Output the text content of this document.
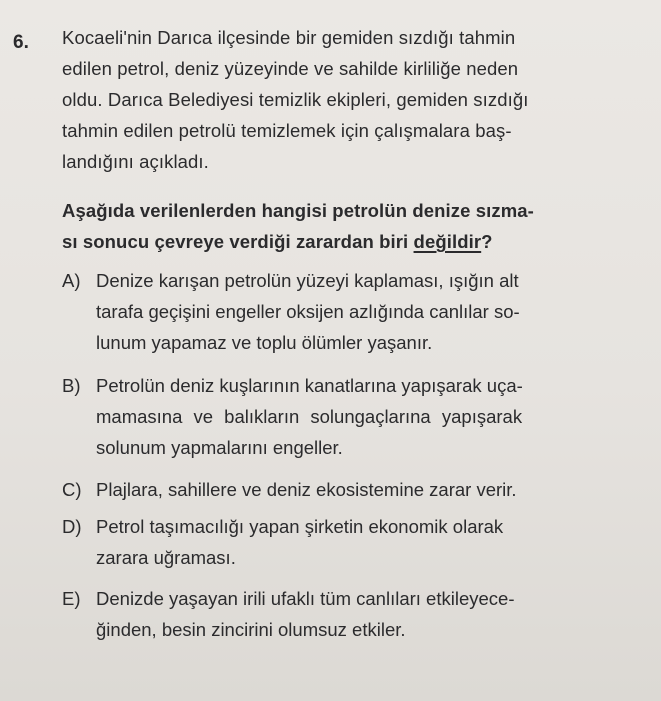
6. Kocaeli'nin Darıca ilçesinde bir gemiden sızdığı tahmin
edilen petrol, deniz yüzeyinde ve sahilde kirliliğe neden
oldu. Darıca Belediyesi temizlik ekipleri, gemiden sızdığı
tahmin edilen petrolü temizlemek için çalışmalara baş-
landığını açıkladı.
Aşağıda verilenlerden hangisi petrolün denize sızma-
sı sonucu çevreye verdiği zarardan biri değildir?
A) Denize karışan petrolün yüzeyi kaplaması, ışığın alt
tarafa geçişini engeller oksijen azlığında canlılar so-
lunum yapamaz ve toplu ölümler yaşanır.
B) Petrolün deniz kuşlarının kanatlarına yapışarak uça-
mamasına ve balıkların solungaçlarına yapışarak
solunum yapmalarını engeller.
C) Plajlara, sahillere ve deniz ekosistemine zarar verir.
D) Petrol taşımacılığı yapan şirketin ekonomik olarak
zarara uğraması.
E) Denizde yaşayan irili ufaklı tüm canlıları etkileyece-
ğinden, besin zincirini olumsuz etkiler.
